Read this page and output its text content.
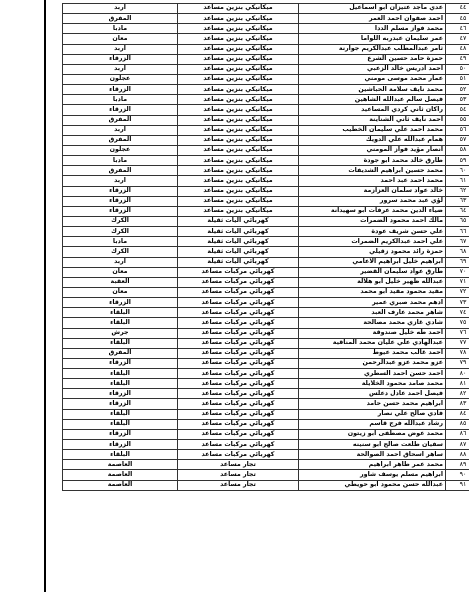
٤٤	عدي ماجد عتيزان ابو اسماعيل	ميكانيكي بنزين مساعد	اربد
٤٥	احمد صفوان احمد العمر	ميكانيكي بنزين مساعد	المفرق
٤٦	محمد فواز مسلم الددا	ميكانيكي بنزين مساعد	مادبا
٤٧	عمر سليمان عبدربه اللواما	ميكانيكي بنزين مساعد	معان
٤٨	ثامر عبدالمطلب عبدالكريم جوارنة	ميكانيكي بنزين مساعد	اربد
٤٩	حمزة حامد حسين الشرع	ميكانيكي بنزين مساعد	الزرقاء
٥٠	احمد ادريس خالد الزعبي	ميكانيكي بنزين مساعد	اربد
٥١	عمار محمد موسى مومني	ميكانيكي بنزين مساعد	عجلون
٥٢	محمد نايف سلامة الحباشين	ميكانيكي بنزين مساعد	الزرقاء
٥٣	فيصل سالم عبدالله الشاهين	ميكانيكي بنزين مساعد	مادبا
٥٤	راكان ثاني كردي المساعيد	ميكانيكي بنزين مساعد	الزرقاء
٥٥	احمد نايف ثاني الشناينة	ميكانيكي بنزين مساعد	المفرق
٥٦	محمد احمد علي سليمان الخطيب	ميكانيكي بنزين مساعد	اربد
٥٧	همام عبدالله علي الدويك	ميكانيكي بنزين مساعد	المفرق
٥٨	انصار مؤيد فواز المومني	ميكانيكي بنزين مساعد	عجلون
٥٩	طارق خالد محمد ابو جودة	ميكانيكي بنزين مساعد	مادبا
٦٠	محمد حسين ابراهيم الشديفات	ميكانيكي بنزين مساعد	المفرق
٦١	محمد احمد عبد احمد	ميكانيكي بنزين مساعد	اربد
٦٢	خالد عواد سلمان العزازمة	ميكانيكي بنزين مساعد	الزرقاء
٦٣	لؤي عبد محمد سرور	ميكانيكي بنزين مساعد	الزرقاء
٦٤	ضياء الدين محمد عرفات ابو سهيدانة	ميكانيكي بنزين مساعد	الزرقاء
٦٥	مالك احمد محمود الضمرات	كهربائي اليات ثقيلة	الكرك
٦٦	علي حسن شريف عودة	كهربائي اليات ثقيلة	الكرك
٦٧	علي احمد عبدالكريم الضمرات	كهربائي اليات ثقيلة	مادبا
٦٨	حمزة رائد محمود زقيلي	كهربائي اليات ثقيلة	الكرك
٦٩	ابراهيم خليل ابراهيم الاعامي	كهربائي اليات ثقيلة	اربد
٧٠	طارق عواد سليمان القضير	كهربائي مركبات مساعد	معان
٧١	عبدالله ظهير خليل ابو هلالة	كهربائي مركبات مساعد	العقبة
٧٢	مفيد محمود مفيد ابو محمد	كهربائي مركبات مساعد	معان
٧٣	ادهم محمد صبري عمير	كهربائي مركبات مساعد	الزرقاء
٧٤	شاهر محمد عارف العبد	كهربائي مركبات مساعد	البلقاء
٧٥	شادي غازي محمد مصالحة	كهربائي مركبات مساعد	البلقاء
٧٦	احمد طه خليل صندوقة	كهربائي مركبات مساعد	جرش
٧٧	عبدالهادي علي عليان محمد المناقية	كهربائي مركبات مساعد	البلقاء
٧٨	احمد غالب محمد عيوط	كهربائي مركبات مساعد	المفرق
٧٩	عزو محمد عزو عبدالرحمن	كهربائي مركبات مساعد	الزرقاء
٨٠	احمد حسن احمد السطري	كهربائي مركبات مساعد	البلقاء
٨١	محمد صامد محمود الخلايلة	كهربائي مركبات مساعد	البلقاء
٨٢	فيصل احمد عادل دعلس	كهربائي مركبات مساعد	الزرقاء
٨٣	ابراهيم محمد حسن حامد	كهربائي مركبات مساعد	الزرقاء
٨٤	فادي صالح علي نصار	كهربائي مركبات مساعد	البلقاء
٨٥	رشاد عبدالله فرج قاسم	كهربائي مركبات مساعد	البلقاء
٨٦	محمد عوض مصطفى ابو زيتون	كهربائي مركبات مساعد	الزرقاء
٨٧	سفيان طلعت صالح ابو سنينه	كهربائي مركبات مساعد	الزرقاء
٨٨	ساهر اسحاق احمد الصوالحة	كهربائي مركبات مساعد	البلقاء
٨٩	محمد عمر طاهر ابراهيم	تجار مساعد	العاصمة
٩٠	ابراهيم مسلم يوسف شاور	تجار مساعد	العاصمة
٩١	عبدالله حسن محمود ابو حويطي	تجار مساعد	العاصمة
